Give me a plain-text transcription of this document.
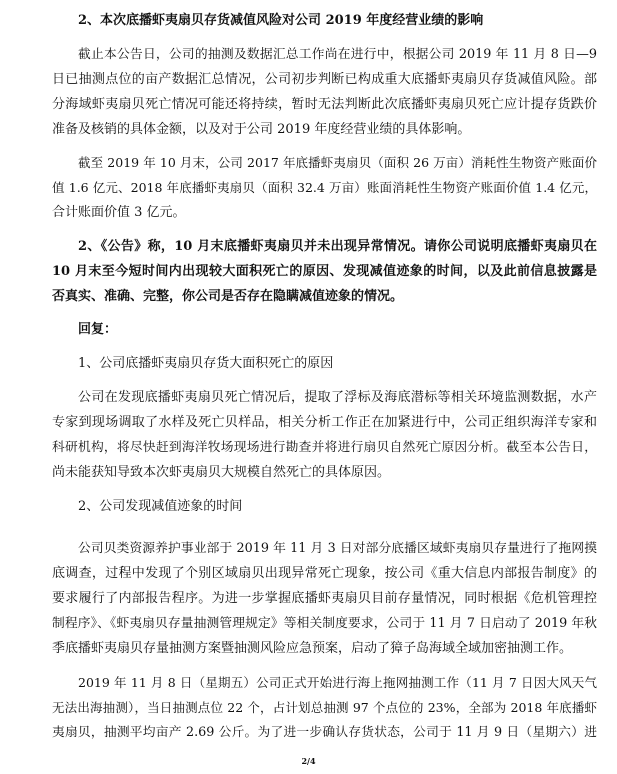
2、本次底播虾夷扇贝存货减值风险对公司 2019 年度经营业绩的影响
截止本公告日，公司的抽测及数据汇总工作尚在进行中，根据公司 2019 年 11 月 8 日—9
日已抽测点位的亩产数据汇总情况，公司初步判断已构成重大底播虾夷扇贝存货减值风险。部
分海域虾夷扇贝死亡情况可能还将持续，暂时无法判断此次底播虾夷扇贝死亡应计提存货跌价
准备及核销的具体金额，以及对于公司 2019 年度经营业绩的具体影响。
截至 2019 年 10 月末，公司 2017 年底播虾夷扇贝（面积 26 万亩）消耗性生物资产账面价
值 1.6 亿元、2018 年底播虾夷扇贝（面积 32.4 万亩）账面消耗性生物资产账面价值 1.4 亿元，
合计账面价值 3 亿元。
2、《公告》称，10 月末底播虾夷扇贝并未出现异常情况。请你公司说明底播虾夷扇贝在
10 月末至今短时间内出现较大面积死亡的原因、发现减值迹象的时间，以及此前信息披露是
否真实、准确、完整，你公司是否存在隐瞒减值迹象的情况。
回复：
1、公司底播虾夷扇贝存货大面积死亡的原因
公司在发现底播虾夷扇贝死亡情况后，提取了浮标及海底潜标等相关环境监测数据，水产
专家到现场调取了水样及死亡贝样品，相关分析工作正在加紧进行中，公司正组织海洋专家和
科研机构，将尽快赶到海洋牧场现场进行勘查并将进行扇贝自然死亡原因分析。截至本公告日，
尚未能获知导致本次虾夷扇贝大规模自然死亡的具体原因。
2、公司发现减值迹象的时间
公司贝类资源养护事业部于 2019 年 11 月 3 日对部分底播区域虾夷扇贝存量进行了拖网摸
底调查，过程中发现了个别区域扇贝出现异常死亡现象，按公司《重大信息内部报告制度》的
要求履行了内部报告程序。为进一步掌握底播虾夷扇贝目前存量情况，同时根据《危机管理控
制程序》、《虾夷扇贝存量抽测管理规定》等相关制度要求，公司于 11 月 7 日启动了 2019 年秋
季底播虾夷扇贝存量抽测方案暨抽测风险应急预案，启动了獐子岛海域全域加密抽测工作。
2019 年 11 月 8 日（星期五）公司正式开始进行海上拖网抽测工作（11 月 7 日因大风天气
无法出海抽测），当日抽测点位 22 个，占计划总抽测 97 个点位的 23%，全部为 2018 年底播虾
夷扇贝，抽测平均亩产 2.69 公斤。为了进一步确认存货状态，公司于 11 月 9 日（星期六）进
2/4
